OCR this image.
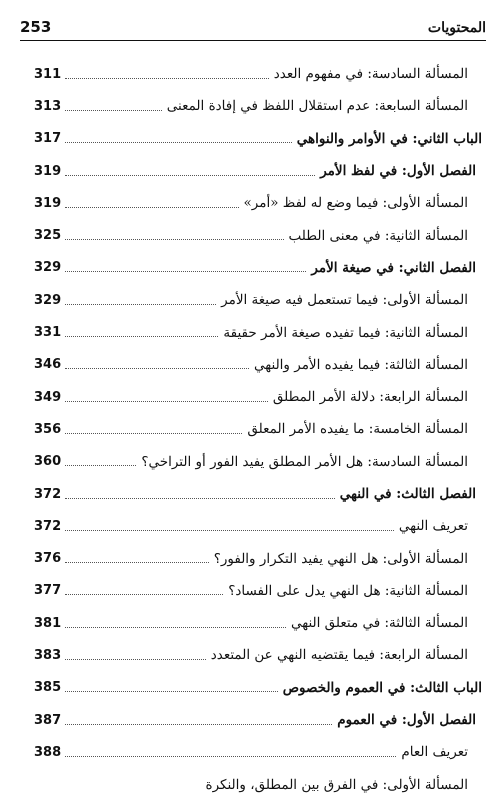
253	المحتويات
المسألة السادسة: في مفهوم العدد
311
المسألة السابعة: عدم استقلال اللفظ في إفادة المعنى
313
الباب الثاني: في الأوامر والنواهي
317
الفصل الأول: في لفظ الأمر
319
المسألة الأولى: فيما وضع له لفظ «أمر»
319
المسألة الثانية: في معنى الطلب
325
الفصل الثاني: في صيغة الأمر
329
المسألة الأولى: فيما تستعمل فيه صيغة الأمر
329
المسألة الثانية: فيما تفيده صيغة الأمر حقيقة
331
المسألة الثالثة: فيما يفيده الأمر والنهي
346
المسألة الرابعة: دلالة الأمر المطلق
349
المسألة الخامسة: ما يفيده الأمر المعلق
356
المسألة السادسة: هل الأمر المطلق يفيد الفور أو التراخي؟
360
الفصل الثالث: في النهي
372
تعريف النهي
372
المسألة الأولى: هل النهي يفيد التكرار والفور؟
376
المسألة الثانية: هل النهي يدل على الفساد؟
377
المسألة الثالثة: في متعلق النهي
381
المسألة الرابعة: فيما يقتضيه النهي عن المتعدد
383
الباب الثالث: في العموم والخصوص
385
الفصل الأول: في العموم
387
تعريف العام
388
المسألة الأولى: في الفرق بين المطلق، والنكرة
